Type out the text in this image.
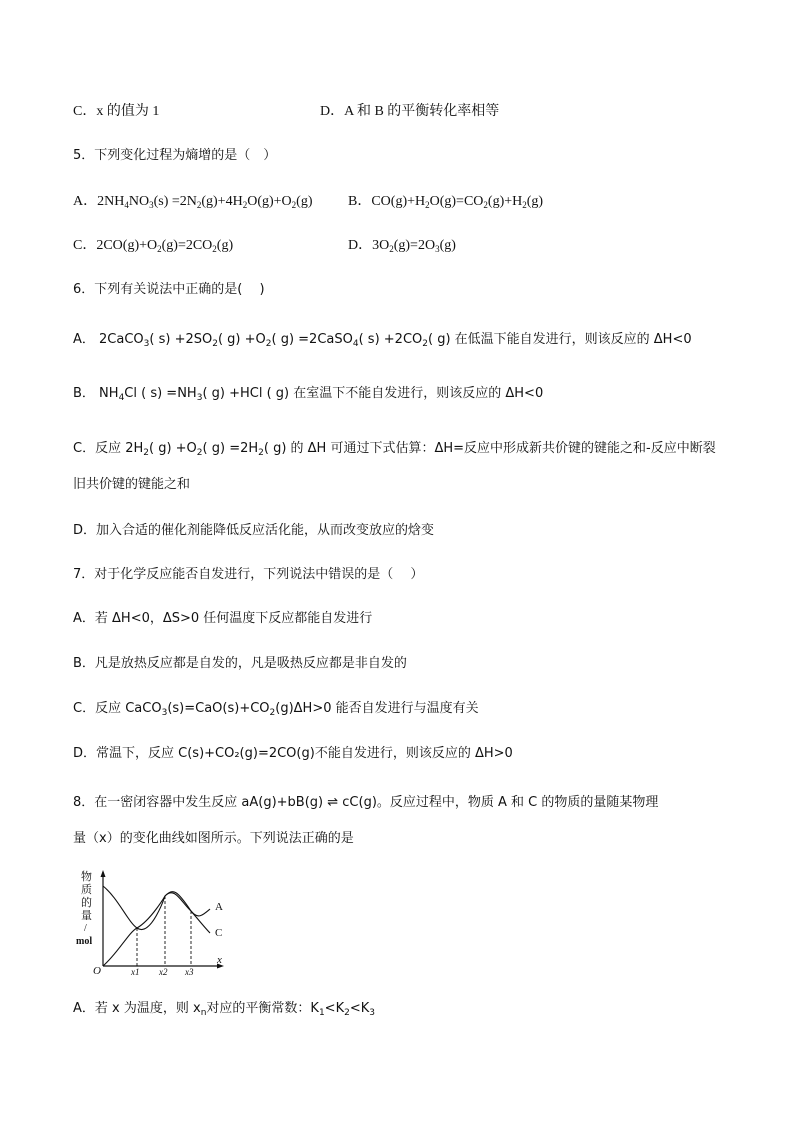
C．x 的值为 1	D．A 和 B 的平衡转化率相等
5．下列变化过程为熵增的是（　）
A．$2NH_4NO_3(s) =2N_2(g)+4H_2O(g)+O_2(g)$	B．$CO(g)+H_2O(g)=CO_2(g)+H_2(g)$
C．$2CO(g)+O_2(g)=2CO_2(g)$	D．$3O_2(g)=2O_3(g)$
6．下列有关说法中正确的是(　 )
A． 2CaCO$_3$( $s) +2SO_2$( $g) +O_2$( g) =2CaSO$_4$( $s) +2CO_2$( g) 在低温下能自发进行，则该反应的 ΔH<0
B． $NH_4Cl$ ( $s) =NH_3$( g) +HCl ( g) 在室温下不能自发进行，则该反应的 ΔH<0
C．反应 $2H_2$( $g) +O_2$( $g) =2H_2$( g) 的 ΔH 可通过下式估算：ΔH=反应中形成新共价键的键能之和-反应中断裂
旧共价键的键能之和
D．加入合适的催化剂能降低反应活化能，从而改变放应的焓变
7．对于化学反应能否自发进行，下列说法中错误的是（　 ）
A．若 ΔH<0，ΔS>0 任何温度下反应都能自发进行
B．凡是放热反应都是自发的，凡是吸热反应都是非自发的
C．反应 $CaCO_3(s)=CaO(s)+CO_2(g)\Delta H>0$ 能否自发进行与温度有关
D．常温下，反应 C(s)+CO₂(g)=2CO(g)不能自发进行，则该反应的 ΔH>0
8．在一密闭容器中发生反应 aA(g)+bB(g) ⇌ cC(g)。反应过程中，物质 A 和 C 的物质的量随某物理
量（x）的变化曲线如图所示。下列说法正确的是
物
质
的
量
/
mol
O
x
A
C
x1 x2 x3
A．若 x 为温度，则 $x_n$对应的平衡常数：$K_1<K_2<K_3$
